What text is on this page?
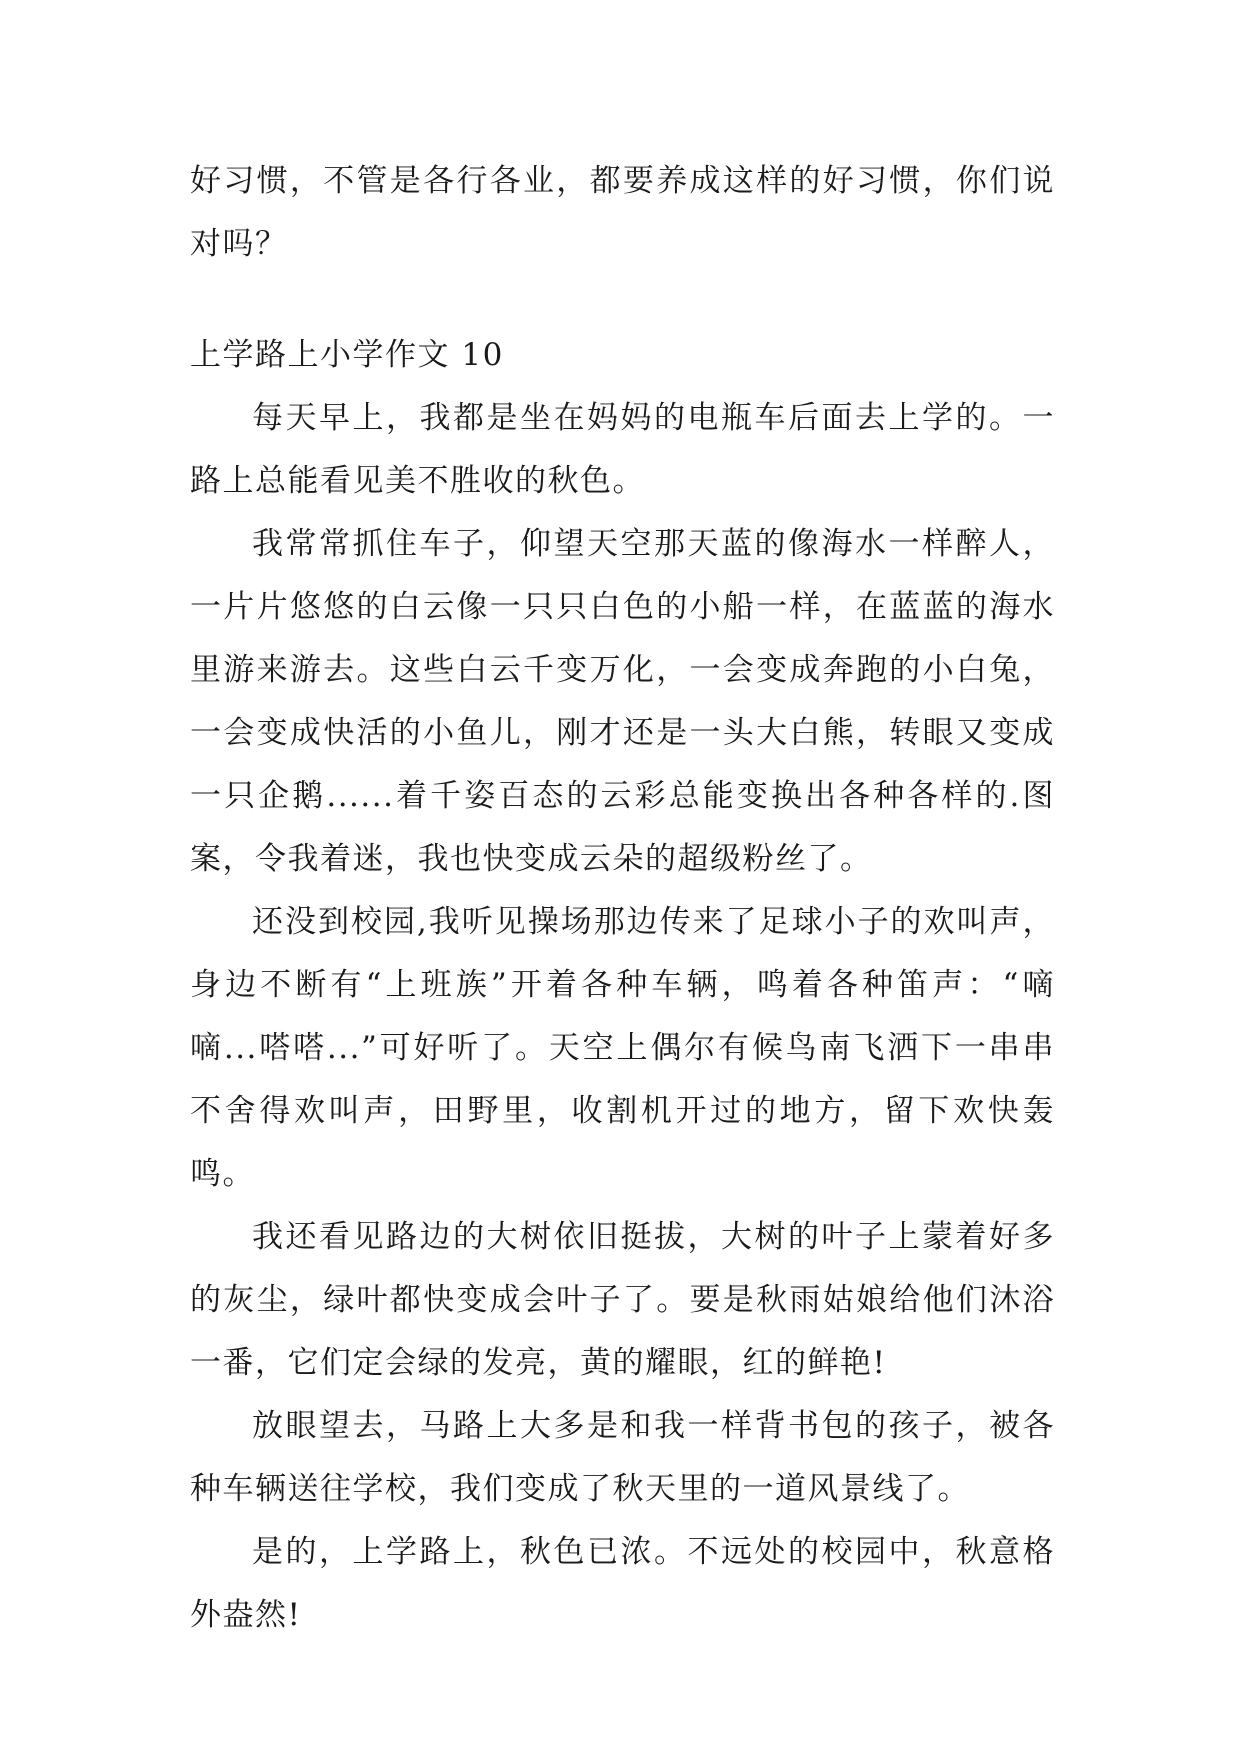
好习惯，不管是各行各业，都要养成这样的好习惯，你们说对吗？

上学路上小学作文 10

每天早上，我都是坐在妈妈的电瓶车后面去上学的。一路上总能看见美不胜收的秋色。

我常常抓住车子，仰望天空那天蓝的像海水一样醉人，一片片悠悠的白云像一只只白色的小船一样，在蓝蓝的海水里游来游去。这些白云千变万化，一会变成奔跑的小白兔，一会变成快活的小鱼儿，刚才还是一头大白熊，转眼又变成一只企鹅......着千姿百态的云彩总能变换出各种各样的.图案，令我着迷，我也快变成云朵的超级粉丝了。

还没到校园,我听见操场那边传来了足球小子的欢叫声，身边不断有“上班族”开着各种车辆，鸣着各种笛声：“嘀嘀...嗒嗒...”可好听了。天空上偶尔有候鸟南飞洒下一串串不舍得欢叫声，田野里，收割机开过的地方，留下欢快轰鸣。

我还看见路边的大树依旧挺拔，大树的叶子上蒙着好多的灰尘，绿叶都快变成会叶子了。要是秋雨姑娘给他们沐浴一番，它们定会绿的发亮，黄的耀眼，红的鲜艳!

放眼望去，马路上大多是和我一样背书包的孩子，被各种车辆送往学校，我们变成了秋天里的一道风景线了。

是的，上学路上，秋色已浓。不远处的校园中，秋意格外盎然!
